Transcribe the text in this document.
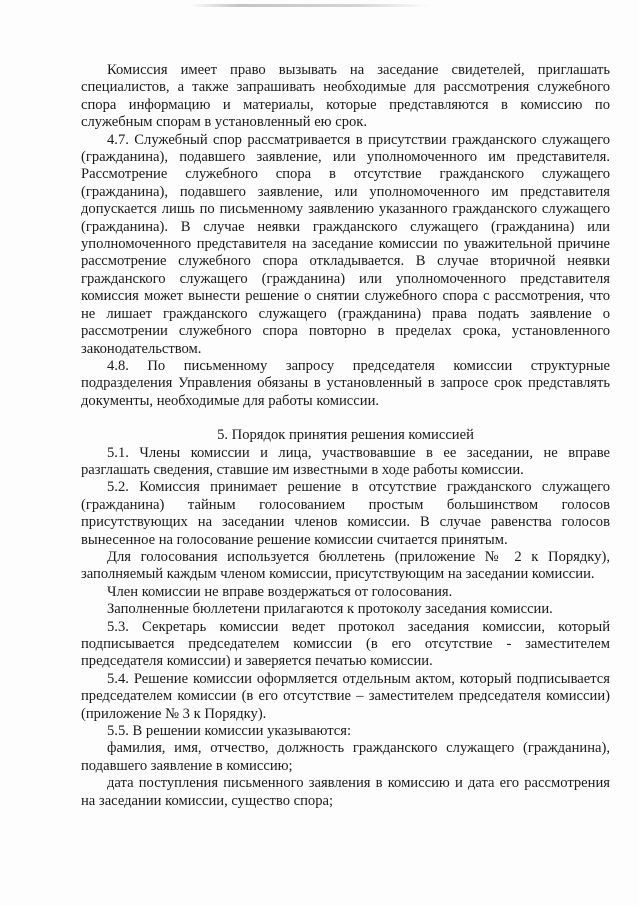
Комиссия имеет право вызывать на заседание свидетелей, приглашать специалистов, а также запрашивать необходимые для рассмотрения служебного спора информацию и материалы, которые представляются в комиссию по служебным спорам в установленный ею срок.

4.7. Служебный спор рассматривается в присутствии гражданского служащего (гражданина), подавшего заявление, или уполномоченного им представителя. Рассмотрение служебного спора в отсутствие гражданского служащего (гражданина), подавшего заявление, или уполномоченного им представителя допускается лишь по письменному заявлению указанного гражданского служащего (гражданина). В случае неявки гражданского служащего (гражданина) или уполномоченного представителя на заседание комиссии по уважительной причине рассмотрение служебного спора откладывается. В случае вторичной неявки гражданского служащего (гражданина) или уполномоченного представителя комиссия может вынести решение о снятии служебного спора с рассмотрения, что не лишает гражданского служащего (гражданина) права подать заявление о рассмотрении служебного спора повторно в пределах срока, установленного законодательством.

4.8. По письменному запросу председателя комиссии структурные подразделения Управления обязаны в установленный в запросе срок представлять документы, необходимые для работы комиссии.

5. Порядок принятия решения комиссией

5.1. Члены комиссии и лица, участвовавшие в ее заседании, не вправе разглашать сведения, ставшие им известными в ходе работы комиссии.

5.2. Комиссия принимает решение в отсутствие гражданского служащего (гражданина) тайным голосованием простым большинством голосов присутствующих на заседании членов комиссии. В случае равенства голосов вынесенное на голосование решение комиссии считается принятым.

Для голосования используется бюллетень (приложение № 2 к Порядку), заполняемый каждым членом комиссии, присутствующим на заседании комиссии.

Член комиссии не вправе воздержаться от голосования.

Заполненные бюллетени прилагаются к протоколу заседания комиссии.

5.3. Секретарь комиссии ведет протокол заседания комиссии, который подписывается председателем комиссии (в его отсутствие - заместителем председателя комиссии) и заверяется печатью комиссии.

5.4. Решение комиссии оформляется отдельным актом, который подписывается председателем комиссии (в его отсутствие – заместителем председателя комиссии) (приложение № 3 к Порядку).

5.5. В решении комиссии указываются:

фамилия, имя, отчество, должность гражданского служащего (гражданина), подавшего заявление в комиссию;

дата поступления письменного заявления в комиссию и дата его рассмотрения на заседании комиссии, существо спора;
